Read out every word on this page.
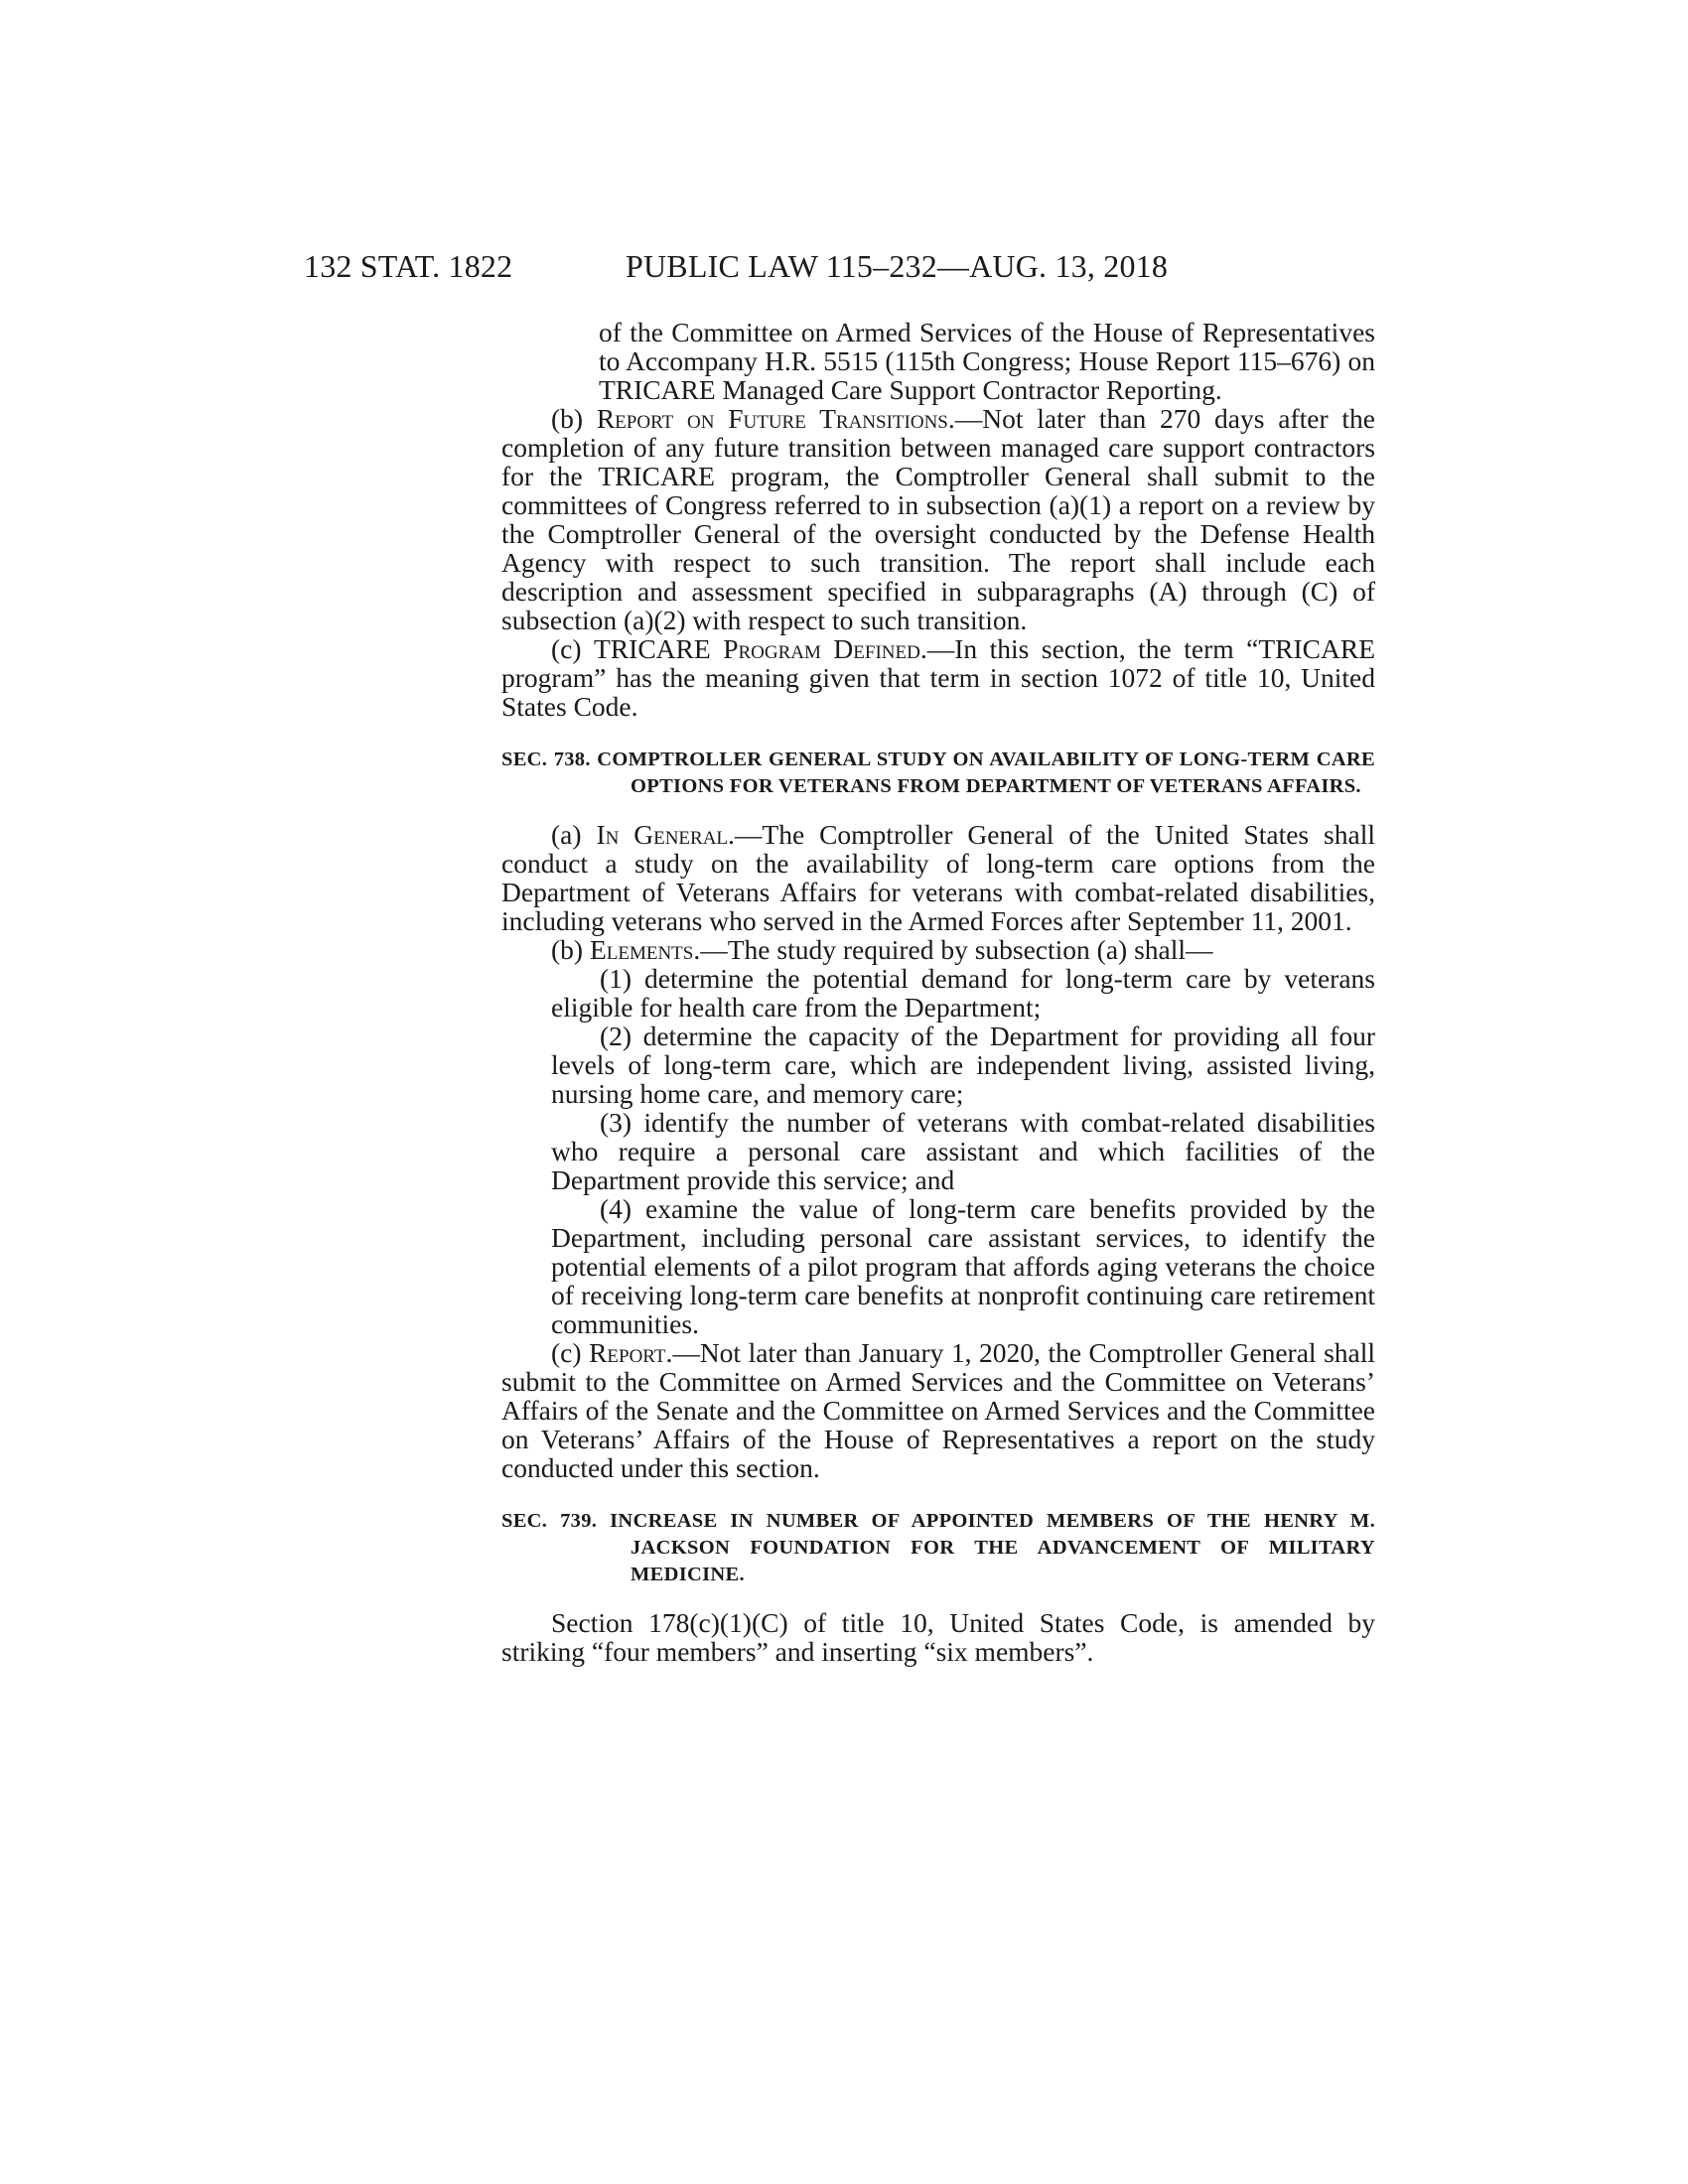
132 STAT. 1822	PUBLIC LAW 115–232—AUG. 13, 2018

of the Committee on Armed Services of the House of Representatives to Accompany H.R. 5515 (115th Congress; House Report 115–676) on TRICARE Managed Care Support Contractor Reporting.

(b) Report on Future Transitions.—Not later than 270 days after the completion of any future transition between managed care support contractors for the TRICARE program, the Comptroller General shall submit to the committees of Congress referred to in subsection (a)(1) a report on a review by the Comptroller General of the oversight conducted by the Defense Health Agency with respect to such transition. The report shall include each description and assessment specified in subparagraphs (A) through (C) of subsection (a)(2) with respect to such transition.

(c) TRICARE Program Defined.—In this section, the term “TRICARE program” has the meaning given that term in section 1072 of title 10, United States Code.

SEC. 738. COMPTROLLER GENERAL STUDY ON AVAILABILITY OF LONG-TERM CARE OPTIONS FOR VETERANS FROM DEPARTMENT OF VETERANS AFFAIRS.

(a) In General.—The Comptroller General of the United States shall conduct a study on the availability of long-term care options from the Department of Veterans Affairs for veterans with combat-related disabilities, including veterans who served in the Armed Forces after September 11, 2001.

(b) Elements.—The study required by subsection (a) shall—

(1) determine the potential demand for long-term care by veterans eligible for health care from the Department;

(2) determine the capacity of the Department for providing all four levels of long-term care, which are independent living, assisted living, nursing home care, and memory care;

(3) identify the number of veterans with combat-related disabilities who require a personal care assistant and which facilities of the Department provide this service; and

(4) examine the value of long-term care benefits provided by the Department, including personal care assistant services, to identify the potential elements of a pilot program that affords aging veterans the choice of receiving long-term care benefits at nonprofit continuing care retirement communities.

(c) Report.—Not later than January 1, 2020, the Comptroller General shall submit to the Committee on Armed Services and the Committee on Veterans’ Affairs of the Senate and the Committee on Armed Services and the Committee on Veterans’ Affairs of the House of Representatives a report on the study conducted under this section.

SEC. 739. INCREASE IN NUMBER OF APPOINTED MEMBERS OF THE HENRY M. JACKSON FOUNDATION FOR THE ADVANCEMENT OF MILITARY MEDICINE.

Section 178(c)(1)(C) of title 10, United States Code, is amended by striking “four members” and inserting “six members”.
